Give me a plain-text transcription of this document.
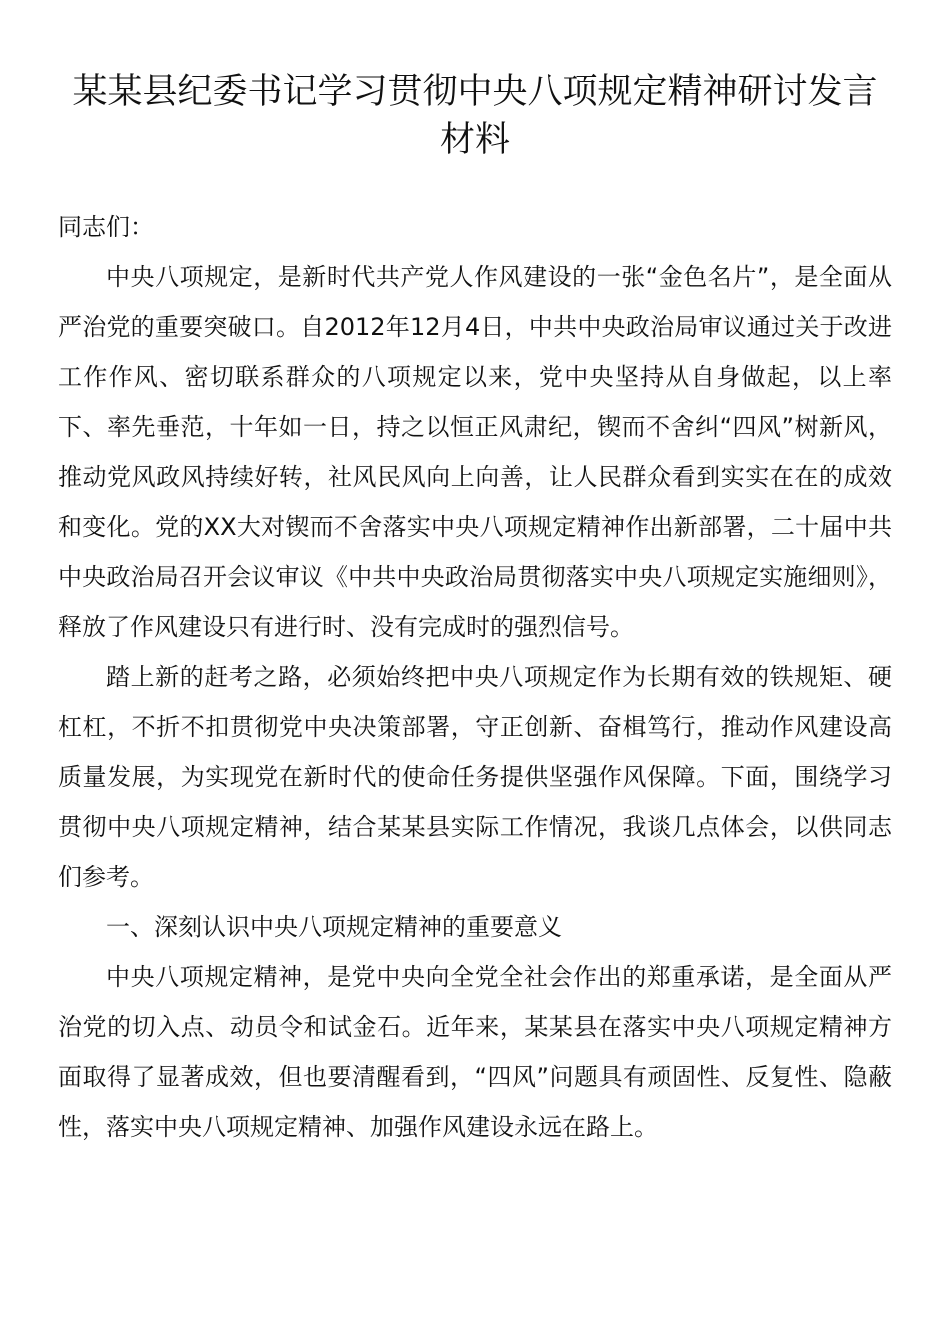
某某县纪委书记学习贯彻中央八项规定精神研讨发言材料

同志们：

中央八项规定，是新时代共产党人作风建设的一张“金色名片”，是全面从严治党的重要突破口。自2012年12月4日，中共中央政治局审议通过关于改进工作作风、密切联系群众的八项规定以来，党中央坚持从自身做起，以上率下、率先垂范，十年如一日，持之以恒正风肃纪，锲而不舍纠“四风”树新风，推动党风政风持续好转，社风民风向上向善，让人民群众看到实实在在的成效和变化。党的XX大对锲而不舍落实中央八项规定精神作出新部署，二十届中共中央政治局召开会议审议《中共中央政治局贯彻落实中央八项规定实施细则》，释放了作风建设只有进行时、没有完成时的强烈信号。

踏上新的赶考之路，必须始终把中央八项规定作为长期有效的铁规矩、硬杠杠，不折不扣贯彻党中央决策部署，守正创新、奋楫笃行，推动作风建设高质量发展，为实现党在新时代的使命任务提供坚强作风保障。下面，围绕学习贯彻中央八项规定精神，结合某某县实际工作情况，我谈几点体会，以供同志们参考。

一、深刻认识中央八项规定精神的重要意义

中央八项规定精神，是党中央向全党全社会作出的郑重承诺，是全面从严治党的切入点、动员令和试金石。近年来，某某县在落实中央八项规定精神方面取得了显著成效，但也要清醒看到，“四风”问题具有顽固性、反复性、隐蔽性，落实中央八项规定精神、加强作风建设永远在路上。
